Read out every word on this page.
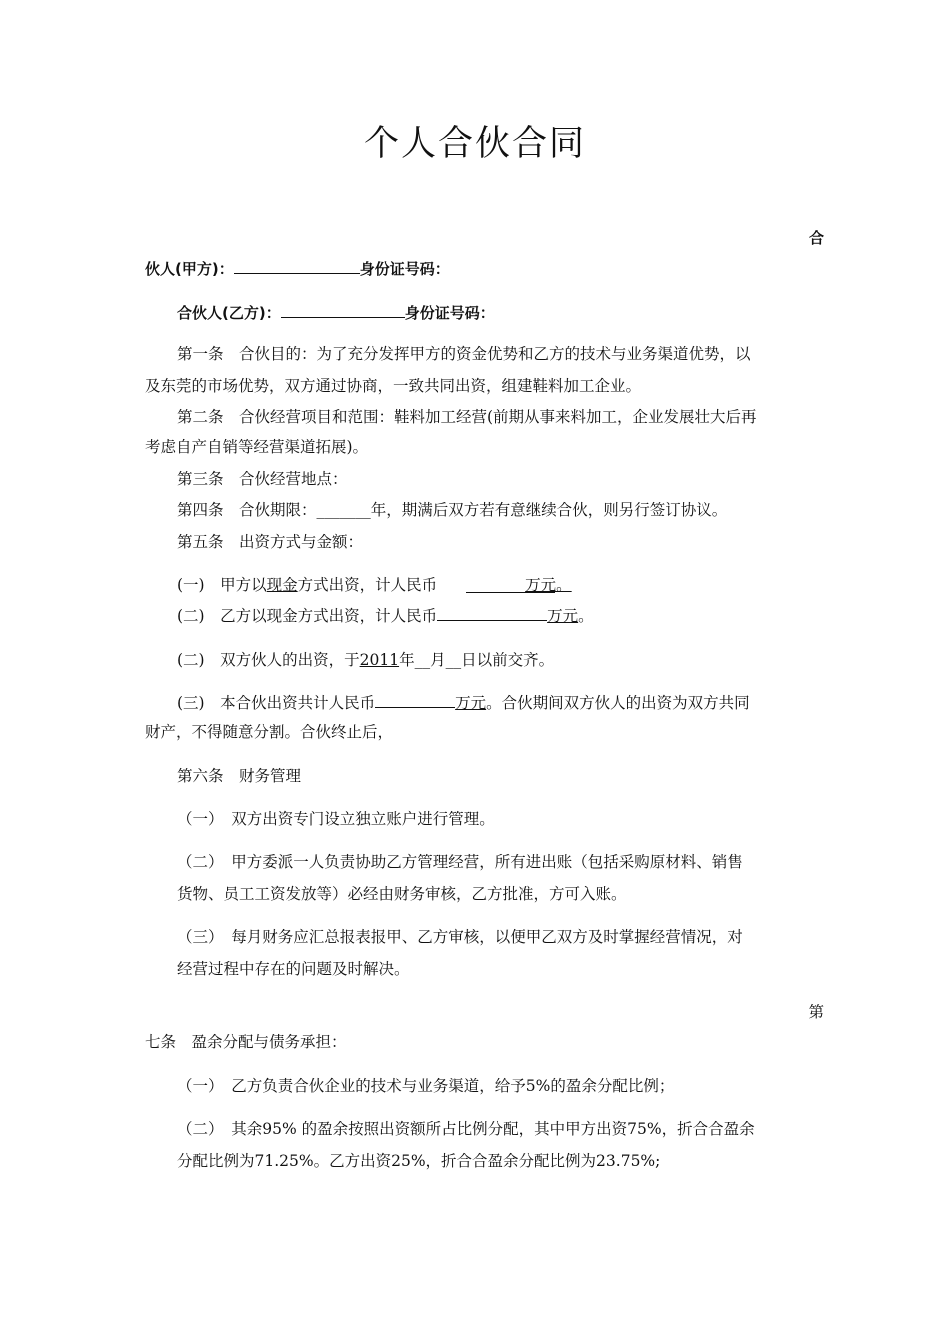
个人合伙合同
合
伙人(甲方)：	身份证号码：
合伙人(乙方)：	身份证号码：
第一条　合伙目的：为了充分发挥甲方的资金优势和乙方的技术与业务渠道优势，以
及东莞的市场优势，双方通过协商，一致共同出资，组建鞋料加工企业。
第二条　合伙经营项目和范围：鞋料加工经营(前期从事来料加工，企业发展壮大后再
考虑自产自销等经营渠道拓展)。
第三条　合伙经营地点：
第四条　合伙期限：_______年，期满后双方若有意继续合伙，则另行签订协议。
第五条　出资方式与金额：
(一)　甲方以现金方式出资，计人民币	万元。
(二)　乙方以现金方式出资，计人民币	万元。
(二)　双方伙人的出资，于2011年__月__日以前交齐。
(三)　本合伙出资共计人民币	万元。合伙期间双方伙人的出资为双方共同
财产，不得随意分割。合伙终止后，
第六条　财务管理
（一）　双方出资专门设立独立账户进行管理。
（二）　甲方委派一人负责协助乙方管理经营，所有进出账（包括采购原材料、销售
货物、员工工资发放等）必经由财务审核，乙方批准，方可入账。
（三）　每月财务应汇总报表报甲、乙方审核，以便甲乙双方及时掌握经营情况，对
经营过程中存在的问题及时解决。
第
七条　盈余分配与债务承担：
（一）　乙方负责合伙企业的技术与业务渠道，给予5%的盈余分配比例；
（二）　其余95% 的盈余按照出资额所占比例分配，其中甲方出资75%，折合合盈余
分配比例为71.25%。乙方出资25%，折合合盈余分配比例为23.75%;
